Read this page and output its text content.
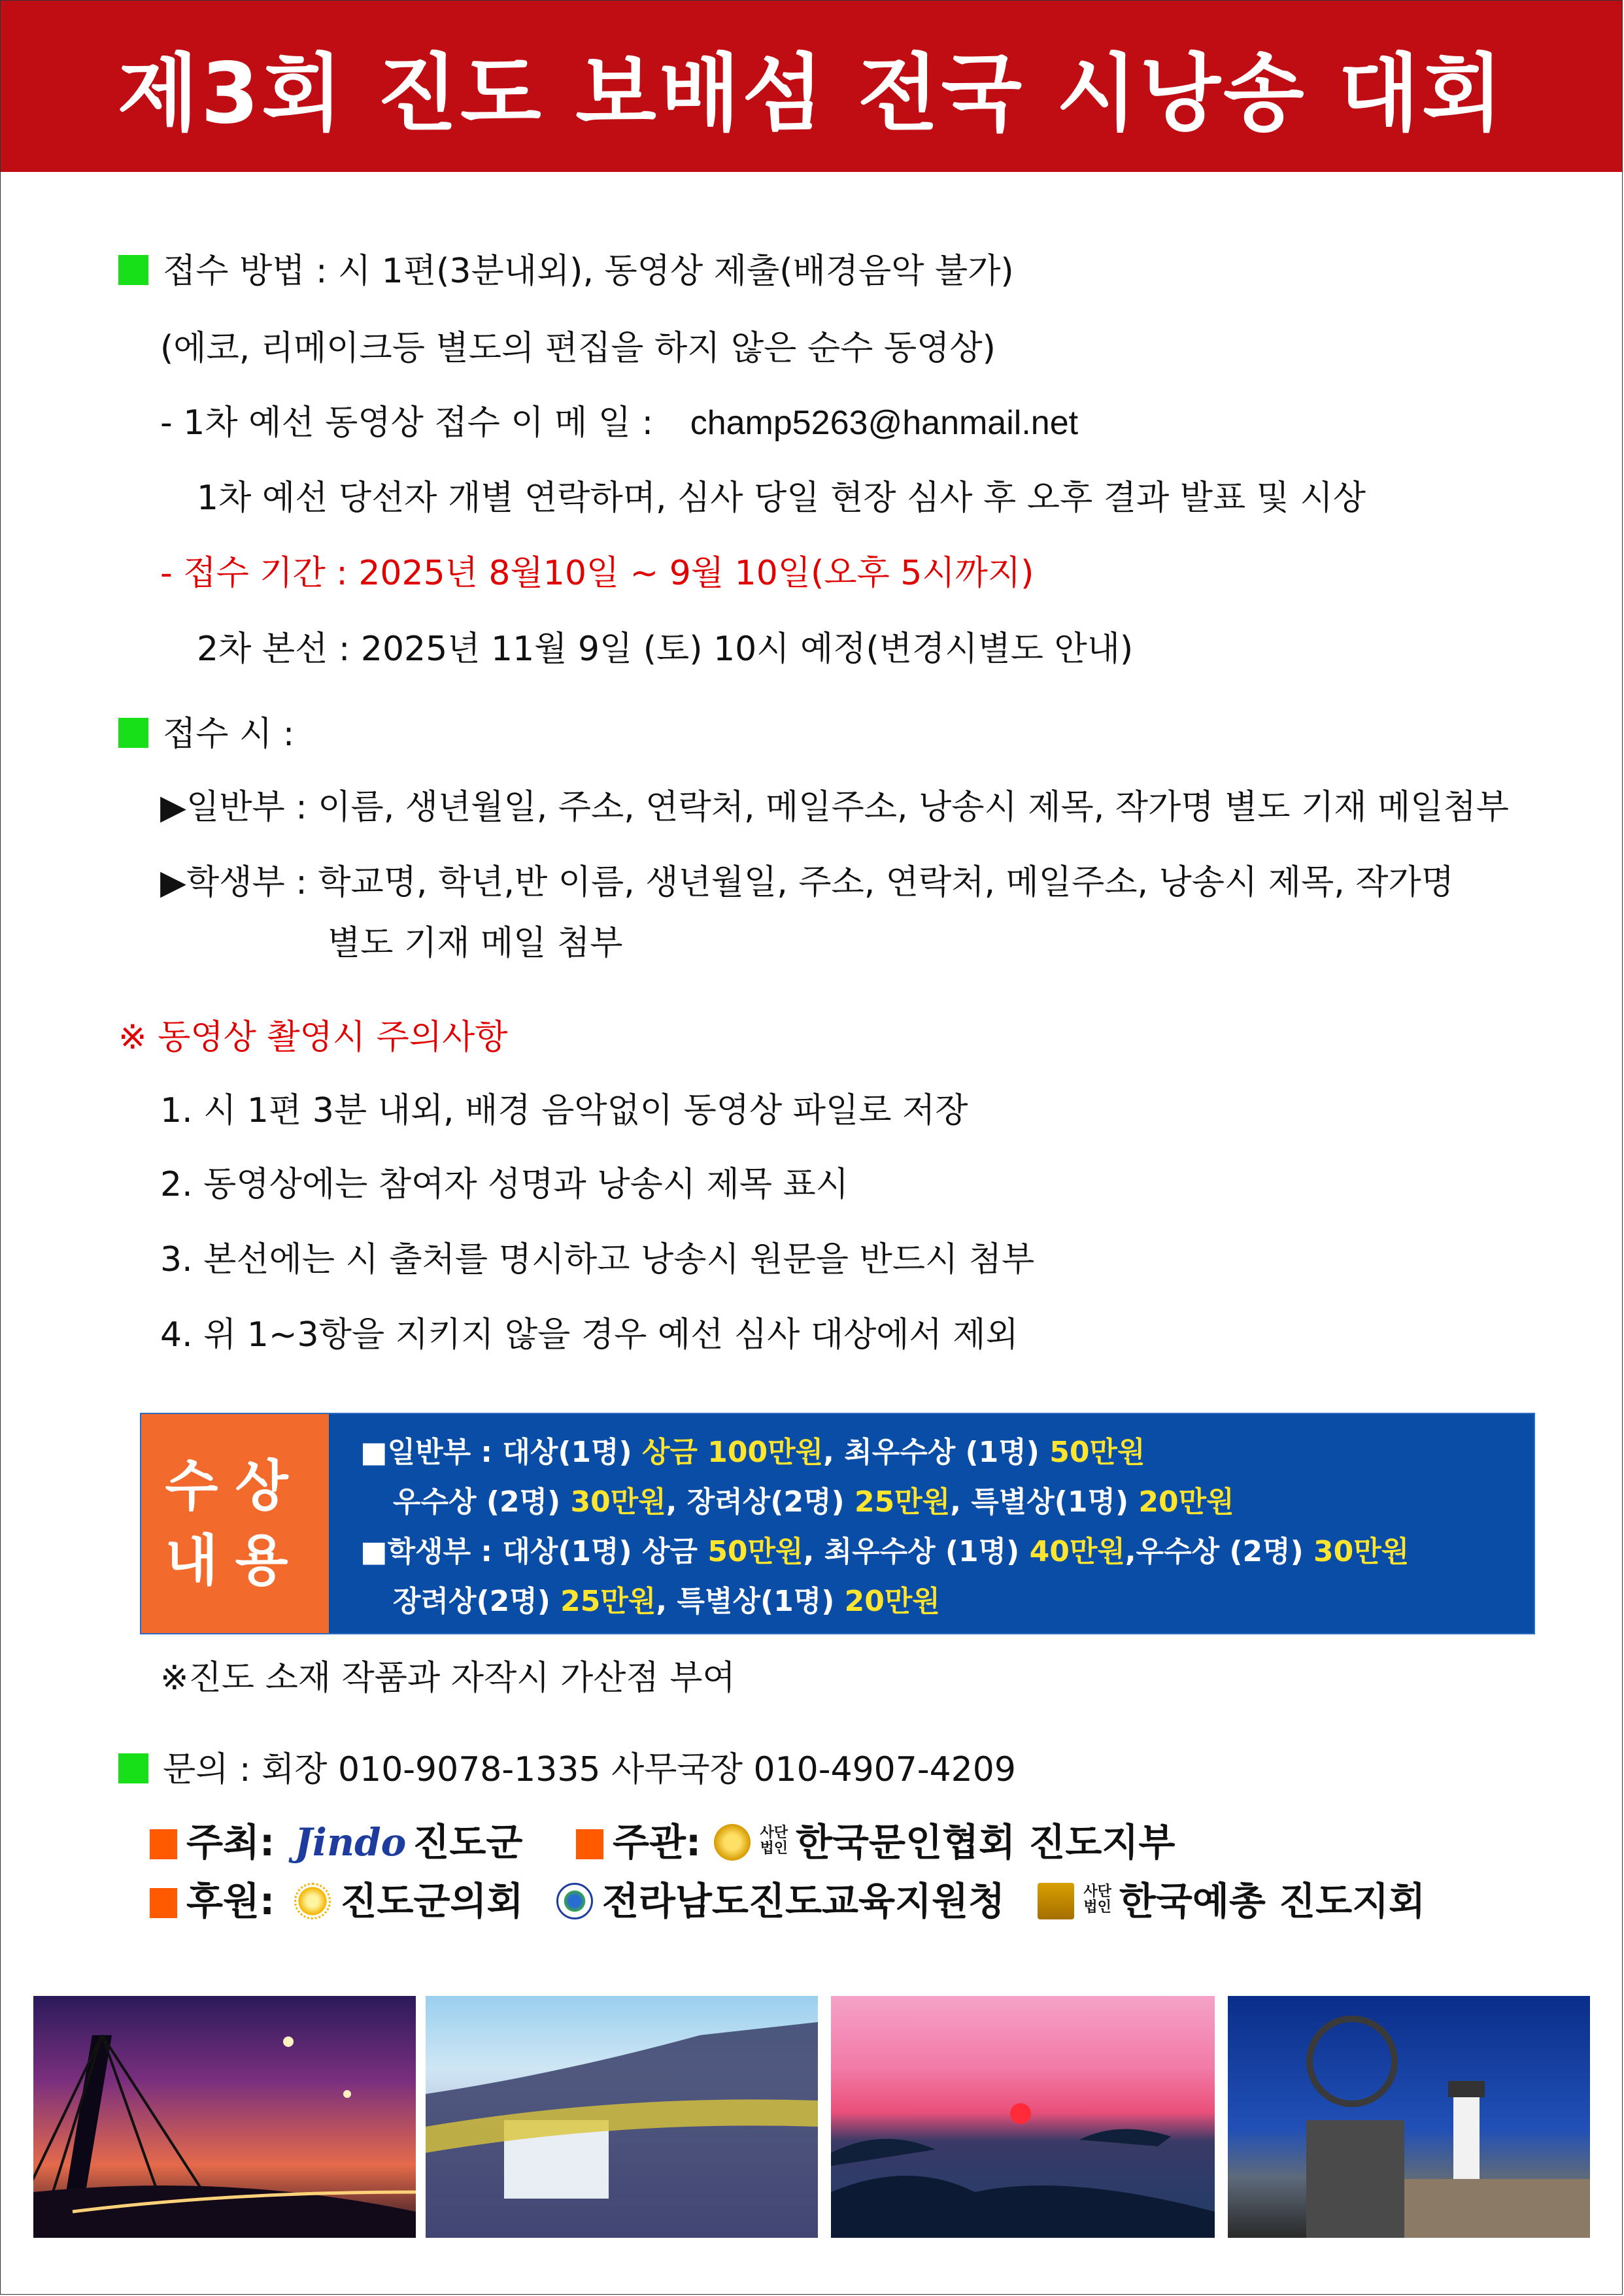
제3회 진도 보배섬 전국 시낭송 대회
접수 방법 : 시 1편(3분내외), 동영상 제출(배경음악 불가)
(에코, 리메이크등 별도의 편집을 하지 않은 순수 동영상)
- 1차 예선 동영상 접수 이 메 일 : champ5263@hanmail.net
1차 예선 당선자 개별 연락하며, 심사 당일 현장 심사 후 오후 결과 발표 및 시상
- 접수 기간 : 2025년 8월10일 ~ 9월 10일(오후 5시까지)
2차 본선 : 2025년 11월 9일 (토) 10시 예정(변경시별도 안내)
접수 시 :
▶일반부 : 이름, 생년월일, 주소, 연락처, 메일주소, 낭송시 제목, 작가명 별도 기재 메일첨부
▶학생부 : 학교명, 학년,반 이름, 생년월일, 주소, 연락처, 메일주소, 낭송시 제목, 작가명
별도 기재 메일 첨부
※ 동영상 촬영시 주의사항
1. 시 1편 3분 내외, 배경 음악없이 동영상 파일로 저장
2. 동영상에는 참여자 성명과 낭송시 제목 표시
3. 본선에는 시 출처를 명시하고 낭송시 원문을 반드시 첨부
4. 위 1~3항을 지키지 않을 경우 예선 심사 대상에서 제외
수상
내용
■일반부 : 대상(1명) 상금 100만원, 최우수상 (1명) 50만원
우수상 (2명) 30만원, 장려상(2명) 25만원, 특별상(1명) 20만원
■학생부 : 대상(1명) 상금 50만원, 최우수상 (1명) 40만원,우수상 (2명) 30만원
장려상(2명) 25만원, 특별상(1명) 20만원
※진도 소재 작품과 자작시 가산점 부여
문의 : 회장 010-9078-1335 사무국장 010-4907-4209
주최: Jindo 진도군	주관:	사단
법인 한국문인협회 진도지부
후원: 진도군의회 전라남도진도교육지원청	사단
법인 한국예총 진도지회
